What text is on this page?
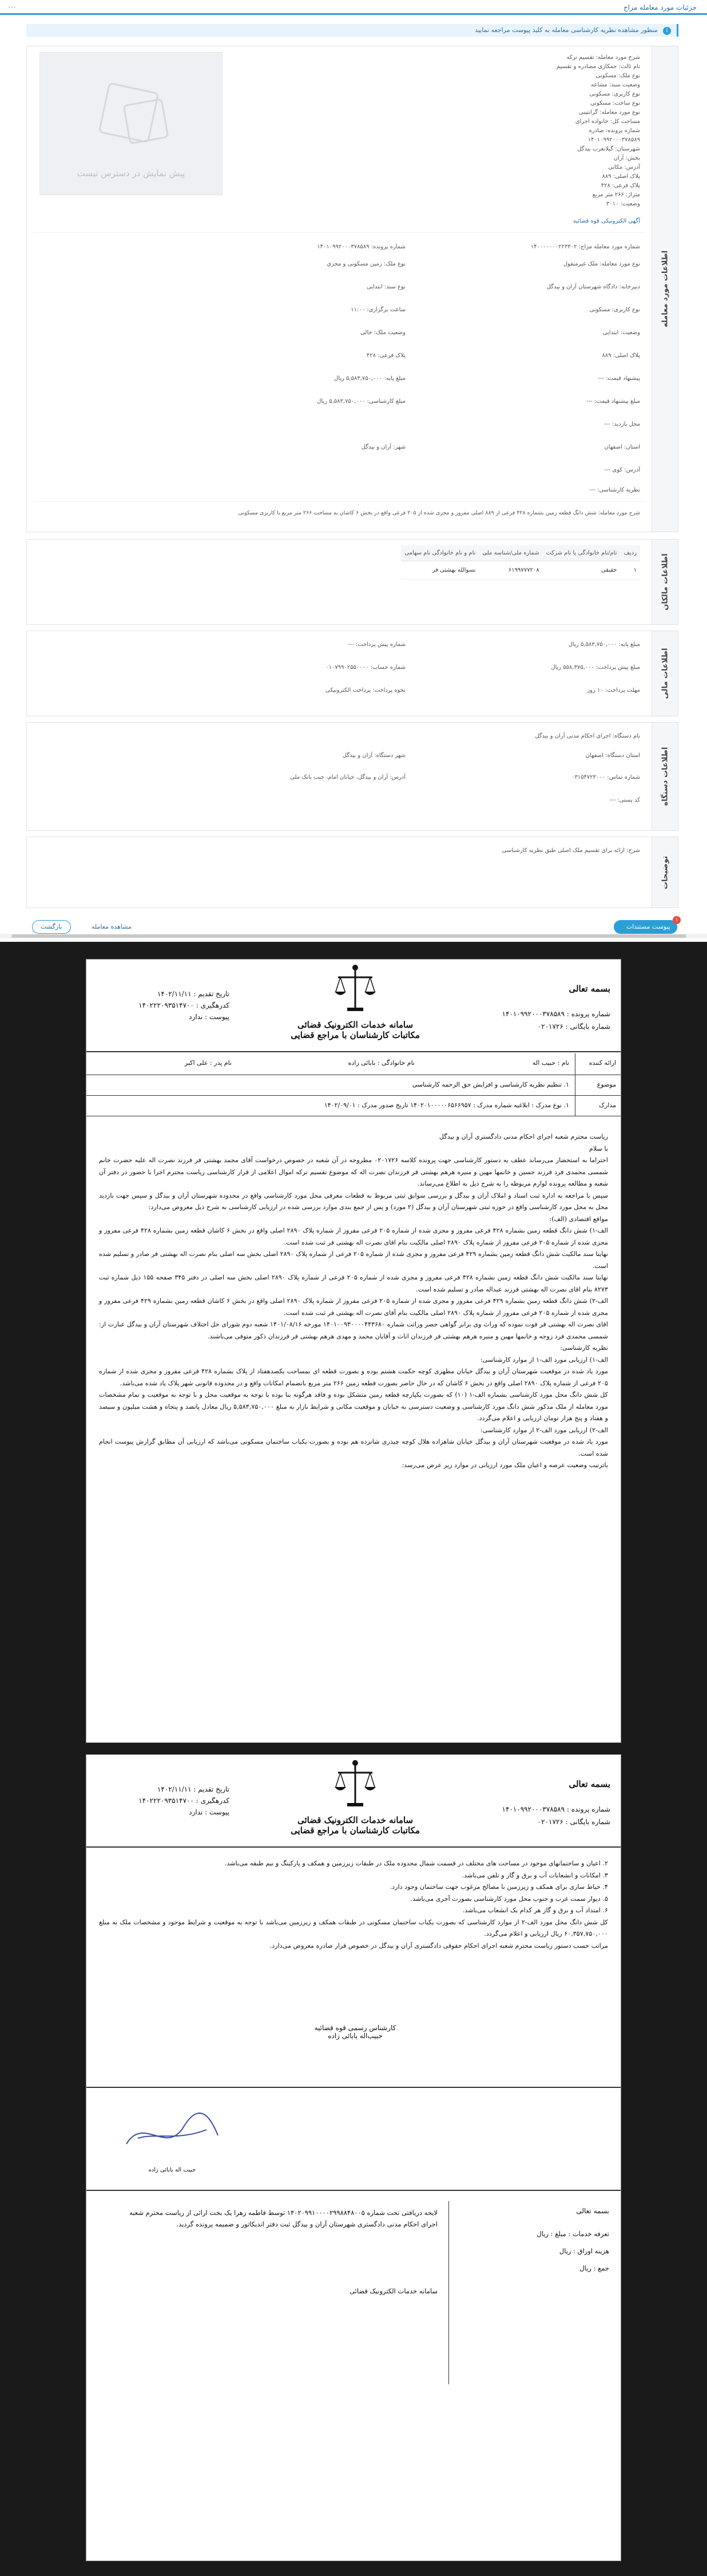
جزئیات مورد معامله مزاج
⋯
i منظور مشاهده نظریه کارشناسی معامله به کلید پیوست مراجعه نمایید
اطلاعات مورد معامله
پیش نمایش در دسترس نیست
شرح مورد معامله: تقسیم ترکه
نام ثالث: حمکاری مصادره و تقسیم
نوع ملک: مسکونی
وضعیت سند: مشاعه
نوع کاربری: مسکونی
نوع ساخت: مسکونی
نوع مورد معامله: گرانتینی
مساحت کل: خانواده اجرای
شماره پرونده: صادره
۱۴۰۱۰۹۹۲۰۰۰۳۷۸۵۸۹
شهرستان: گیلانغرب بیدگل
بخش: آران
آدرس: مکانی
پلاک اصلی: ۸۸۹
پلاک فرعی: ۴۲۸
متراژ: ۲۶۶ متر مربع
وضعیت: ۳۰۱۰
آگهی الکترونیکی قوه قضائیه
شماره مورد معامله مزاج: ۱۴۰۰۰۰۰۰۰۲۲۳۳۰۲
شماره پرونده: ۱۴۰۱۰۹۹۲۰۰۰۳۷۸۵۸۹
نوع مورد معامله: ملک غیرمنقول
نوع ملک: زمین مسکونی و مجزی
دبیرخانه: دادگاه شهرستان آران و بیدگل
نوع سند: ابتدایی
نوع کاربری: مسکونی
ساعت برگزاری: ۱۱:۰۰
وضعیت: ابتدایی
وضعیت ملک: خالی
پلاک اصلی: ۸۸۹
پلاک فرعی: ۴۲۸
پیشنهاد قیمت: ---
مبلغ پایه: ۵,۵۸۳,۷۵۰,۰۰۰ ریال
مبلغ پیشنهاد قیمت: ---
مبلغ کارشناسی: ۵,۵۸۳,۷۵۰,۰۰۰ ریال
محل بازدید: ---
استان: اصفهان
شهر: آران و بیدگل
آدرس: کوی ---
نظریه کارشناسی: ---
شرح مورد معامله: شش دانگ قطعه زمین بشماره ۴۲۸ فرعی از ۸۸۹ اصلی مفروز و مجزی شده از ۲۰۵ فرعی واقع در بخش ۶ کاشان به مساحت ۲۶۶ متر مربع با کاربری مسکونی
اطلاعات مالکان
ردیف	نام/نام خانوادگی یا نام شرکت	شماره ملی/شناسه ملی	نام و نام خانوادگی نام سهامی
۱	حقیقی	۶۱۹۹۷۷۷۲۰۸	نسوالله بهشتی فر
اطلاعات مالی
مبلغ پایه: ۵,۵۸۳,۷۵۰,۰۰۰ ریال
شماره پیش پرداخت: ---
مبلغ پیش پرداخت: ۵۵۸,۳۷۵,۰۰۰ ریال
شماره حساب: ۰۱۰۷۹۹۰۲۵۵۰۰۰۰
مهلت پرداخت: ۱۰ روز
نحوه پرداخت: پرداخت الکترونیکی
اطلاعات دستگاه
نام دستگاه: اجرای احکام مدنی آران و بیدگل
استان دستگاه: اصفهان
شهر دستگاه: آران و بیدگل
شماره تماس: ۰۳۱۵۴۷۲۳۰۰۰
آدرس: آران و بیدگل، خیابان امام، جنب بانک ملی
کد پستی: ---
توضیحات
شرح: ارائه برای تقسیم ملک اصلی طبق نظریه کارشناسی
پیوست مستندات
۱
مشاهده معامله
بازگشت
بسمه تعالی
شماره پرونده : ۱۴۰۱۰۹۹۲۰۰۰۳۷۸۵۸۹
شماره بایگانی : ۰۲۰۱۷۲۶
سامانه خدمات الکترونیک قضائی
مکاتبات کارشناسان با مراجع قضایی
تاریخ تقدیم : ۱۴۰۲/۱۱/۱۱
کدرهگیری : ۱۴۰۲۲۲۰۹۳۵۱۴۷۰۰
پیوست : ندارد
ارائه کننده
نام : حبیب اله
نام خانوادگی : بابائی زاده
نام پدر : علی اکبر
موضوع
۱. تنظیم نظریه کارشناسی و افزایش حق الزحمه کارشناسی
مدارک
۱. نوع مدرک : ابلاغیه شماره مدرک : ۱۴۰۲۰۱۰۰۰۰۰۶۵۶۶۹۵۷ تاریخ صدور مدرک : ۱۴۰۲/۰۹/۰۱

ریاست محترم شعبه اجرای احکام مدنی دادگستری آران و بیدگل

با سلام

احتراما به استحضار می‌رساند عطف به دستور کارشناسی جهت پرونده کلاسه ۰۲۰۱۷۲۶ مطروحه در آن شعبه در خصوص درخواست آقای محمد بهشتی فر فرزند نصرت اله علیه حضرت خانم شمسی محمدی فرد فرزند حسین و خانمها مهین و منیره هرهم بهشتی فر فرزندان نصرت اله که موضوع تقسیم ترکه اموال اعلامی از قرار کارشناسی ریاست محترم اجرا با حضور در دفتر آن شعبه و مطالعه پرونده لوازم مربوطه را به شرح ذیل به اطلاع می‌رساند.

سپس با مراجعه به اداره ثبت اسناد و املاک آران و بیدگل و بررسی سوابق ثبتی مربوط به قطعات معرفی محل مورد کارشناسی واقع در محدوده شهرستان آران و بیدگل و سپس جهت بازدید محل به محل مورد کارشناسی واقع در حوزه ثبتی شهرستان آران و بیدگل (۲ مورد) و پس از جمع بندی موارد بررسی شده در ارزیابی کارشناسی به شرح ذیل معروض می‌دارد:

مواقع اقتصادی (الف):

الف-۱) شش دانگ قطعه زمین بشماره ۴۲۸ فرعی مفروز و مجزی شده از شماره ۲۰۵ فرعی مفروز از شماره پلاک ۲۸۹۰ اصلی واقع در بخش ۶ کاشان قطعه زمین بشماره ۴۲۸ فرعی مفروز و مجزی شده از شماره ۲۰۵ فرعی مفروز از شماره پلاک ۲۸۹۰ اصلی مالکیت بنام اقای نصرت اله بهشتی فر ثبت شده است.

نهایتا سند مالکیت شش دانگ قطعه زمین بشماره ۴۲۹ فرعی مفروز و مجزی شده از شماره ۲۰۵ فرعی از شماره پلاک ۲۸۹۰ اصلی بخش سه اصلی بنام نصرت اله بهشتی فر صادر و تسلیم شده است.

نهایتا سند مالکیت شش دانگ قطعه زمین بشماره ۴۲۸ فرعی مفروز و مجزی شده از شماره ۲۰۵ فرعی از شماره پلاک ۲۸۹۰ اصلی بخش سه اصلی در دفتر ۳۴۵ صفحه ۱۵۵ ذیل شماره ثبت ۸۲۷۳ بنام اقای نصرت اله بهشتی فرزند عبداله صادر و تسلیم شده است.

الف-۲) شش دانگ قطعه زمین بشماره ۴۲۹ فرعی مفروز و مجزی شده از شماره ۲۰۵ فرعی مفروز از شماره پلاک ۲۸۹۰ اصلی واقع در بخش ۶ کاشان قطعه زمین بشماره ۴۲۹ فرعی مفروز و مجزی شده از شماره ۲۰۵ فرعی مفروز از شماره پلاک ۲۸۹۰ اصلی مالکیت بنام آقای نصرت اله بهشتی فر ثبت شده است.

اقای نصرت اله بهشتی فر فوت نموده که وراث وی برابر گواهی حصر وراثت شماره ۱۴۰۱۰۰۹۳۰۰۰۰۴۴۳۶۸۰ مورخه ۱۴۰۱/۰۸/۱۶ شعبه دوم شورای حل اختلاف شهرستان آران و بیدگل عبارت از: شمسی محمدی فرد زوجه و خانمها مهین و منیره هرهم بهشتی فر فرزندان اناث و آقایان محمد و مهدی هرهم بهشتی فر فرزندان ذکور متوفی می‌باشند.

نظریه کارشناسی:

الف-۱) ارزیابی مورد الف-۱ از موارد کارشناسی:

مورد یاد شده در موقعیت شهرستان آران و بیدگل خیابان مطهری کوچه حکمت هشتم بوده و بصورت قطعه ای بمساحت یکصدهفتاد از پلاک بشماره ۴۲۸ فرعی مفروز و مجزی شده از شماره ۲۰۵ فرعی از شماره پلاک ۲۸۹۰ اصلی واقع در بخش ۶ کاشان که در حال حاضر بصورت قطعه زمین ۲۶۶ متر مربع بانضمام امکانات واقع و در محدوده قانونی شهر پلاک یاد شده می‌باشد.

کل شش دانگ محل مورد کارشناسی بشماره الف-۱ (۱۰) که بصورت یکپارچه قطعه زمین متشکل بوده و فاقد هرگونه بنا بوده با توجه به موقعیت محل و با توجه به موقعیت و تمام مشخصات مورد معامله از ملک مذکور شش دانگ مورد کارشناسی و وضعیت دسترسی به خیابان و موقعیت مکانی و شرایط بازار به مبلغ ۵,۵۸۳,۷۵۰,۰۰۰ ریال معادل پانصد و پنجاه و هشت میلیون و سیصد و هفتاد و پنج هزار تومان ارزیابی و اعلام می‌گردد.

الف-۲) ارزیابی مورد الف-۲ از موارد کارشناسی:

مورد یاد شده در موقعیت شهرستان آران و بیدگل خیابان شاهزاده هلال کوچه چیذری شانزده هم بوده و بصورت یکباب ساختمان مسکونی می‌باشد که ارزیابی آن مطابق گزارش پیوست انجام شده است.

باترتیب وضعیت عرصه و اعیان ملک مورد ارزیابی در موارد زیر عرض می‌رسد:

بسمه تعالی
شماره پرونده : ۱۴۰۱۰۹۹۲۰۰۰۳۷۸۵۸۹
شماره بایگانی : ۰۲۰۱۷۲۶
سامانه خدمات الکترونیک قضائی
مکاتبات کارشناسان با مراجع قضایی
تاریخ تقدیم : ۱۴۰۲/۱۱/۱۱
کدرهگیری : ۱۴۰۲۲۲۰۹۳۵۱۴۷۰۰
پیوست : ندارد

۲. اعیان و ساختمانهای موجود در مساحت های مختلف در قسمت شمال محدوده ملک در طبقات زیرزمین و همکف و پارکینگ و نیم طبقه می‌باشد.

۳. امکانات و انشعابات آب و برق و گاز و تلفن می‌باشد.

۴. حیاط سازی برای همکف و زیرزمین با مصالح مرغوب جهت ساختمان وجود دارد.

۵. دیوار سمت غرب و جنوب محل مورد کارشناسی بصورت آجری می‌باشد.

۶. امتداد آب و برق و گاز هر کدام یک انشعاب می‌باشد.

کل شش دانگ محل مورد الف-۲ از موارد کارشناسی که بصورت یکباب ساختمان مسکونی در طبقات همکف و زیرزمین می‌باشد با توجه به موقعیت و شرایط موجود و مشخصات ملک به مبلغ ۶۰,۳۵۷,۷۵۰,۰۰۰ ریال ارزیابی و اعلام می‌گردد.

مراتب حسب دستور ریاست محترم شعبه اجرای احکام حقوقی دادگستری آران و بیدگل در خصوص قرار صادره معروض می‌دارد.

کارشناس رسمی قوه قضائیه
حبیب‌اله بابائی زاده
حبیب اله بابائی زاده
بسمه تعالی
لایحه دریافتی تحت شماره ۱۴۰۲۰۹۹۱۰۰۰۰۲۹۹۸۸۴۸۰۰۵ توسط فاطمه زهرا یک بخت ارائی از ریاست محترم شعبه اجرای احکام مدنی دادگستری شهرستان آران و بیدگل ثبت دفتر اندیکاتور و ضمیمه پرونده گردید.
تعرفه خدمات : مبلغ : ریال
هزینه اوراق : ریال
جمع : ریال
سامانه خدمات الکترونیک قضائی
